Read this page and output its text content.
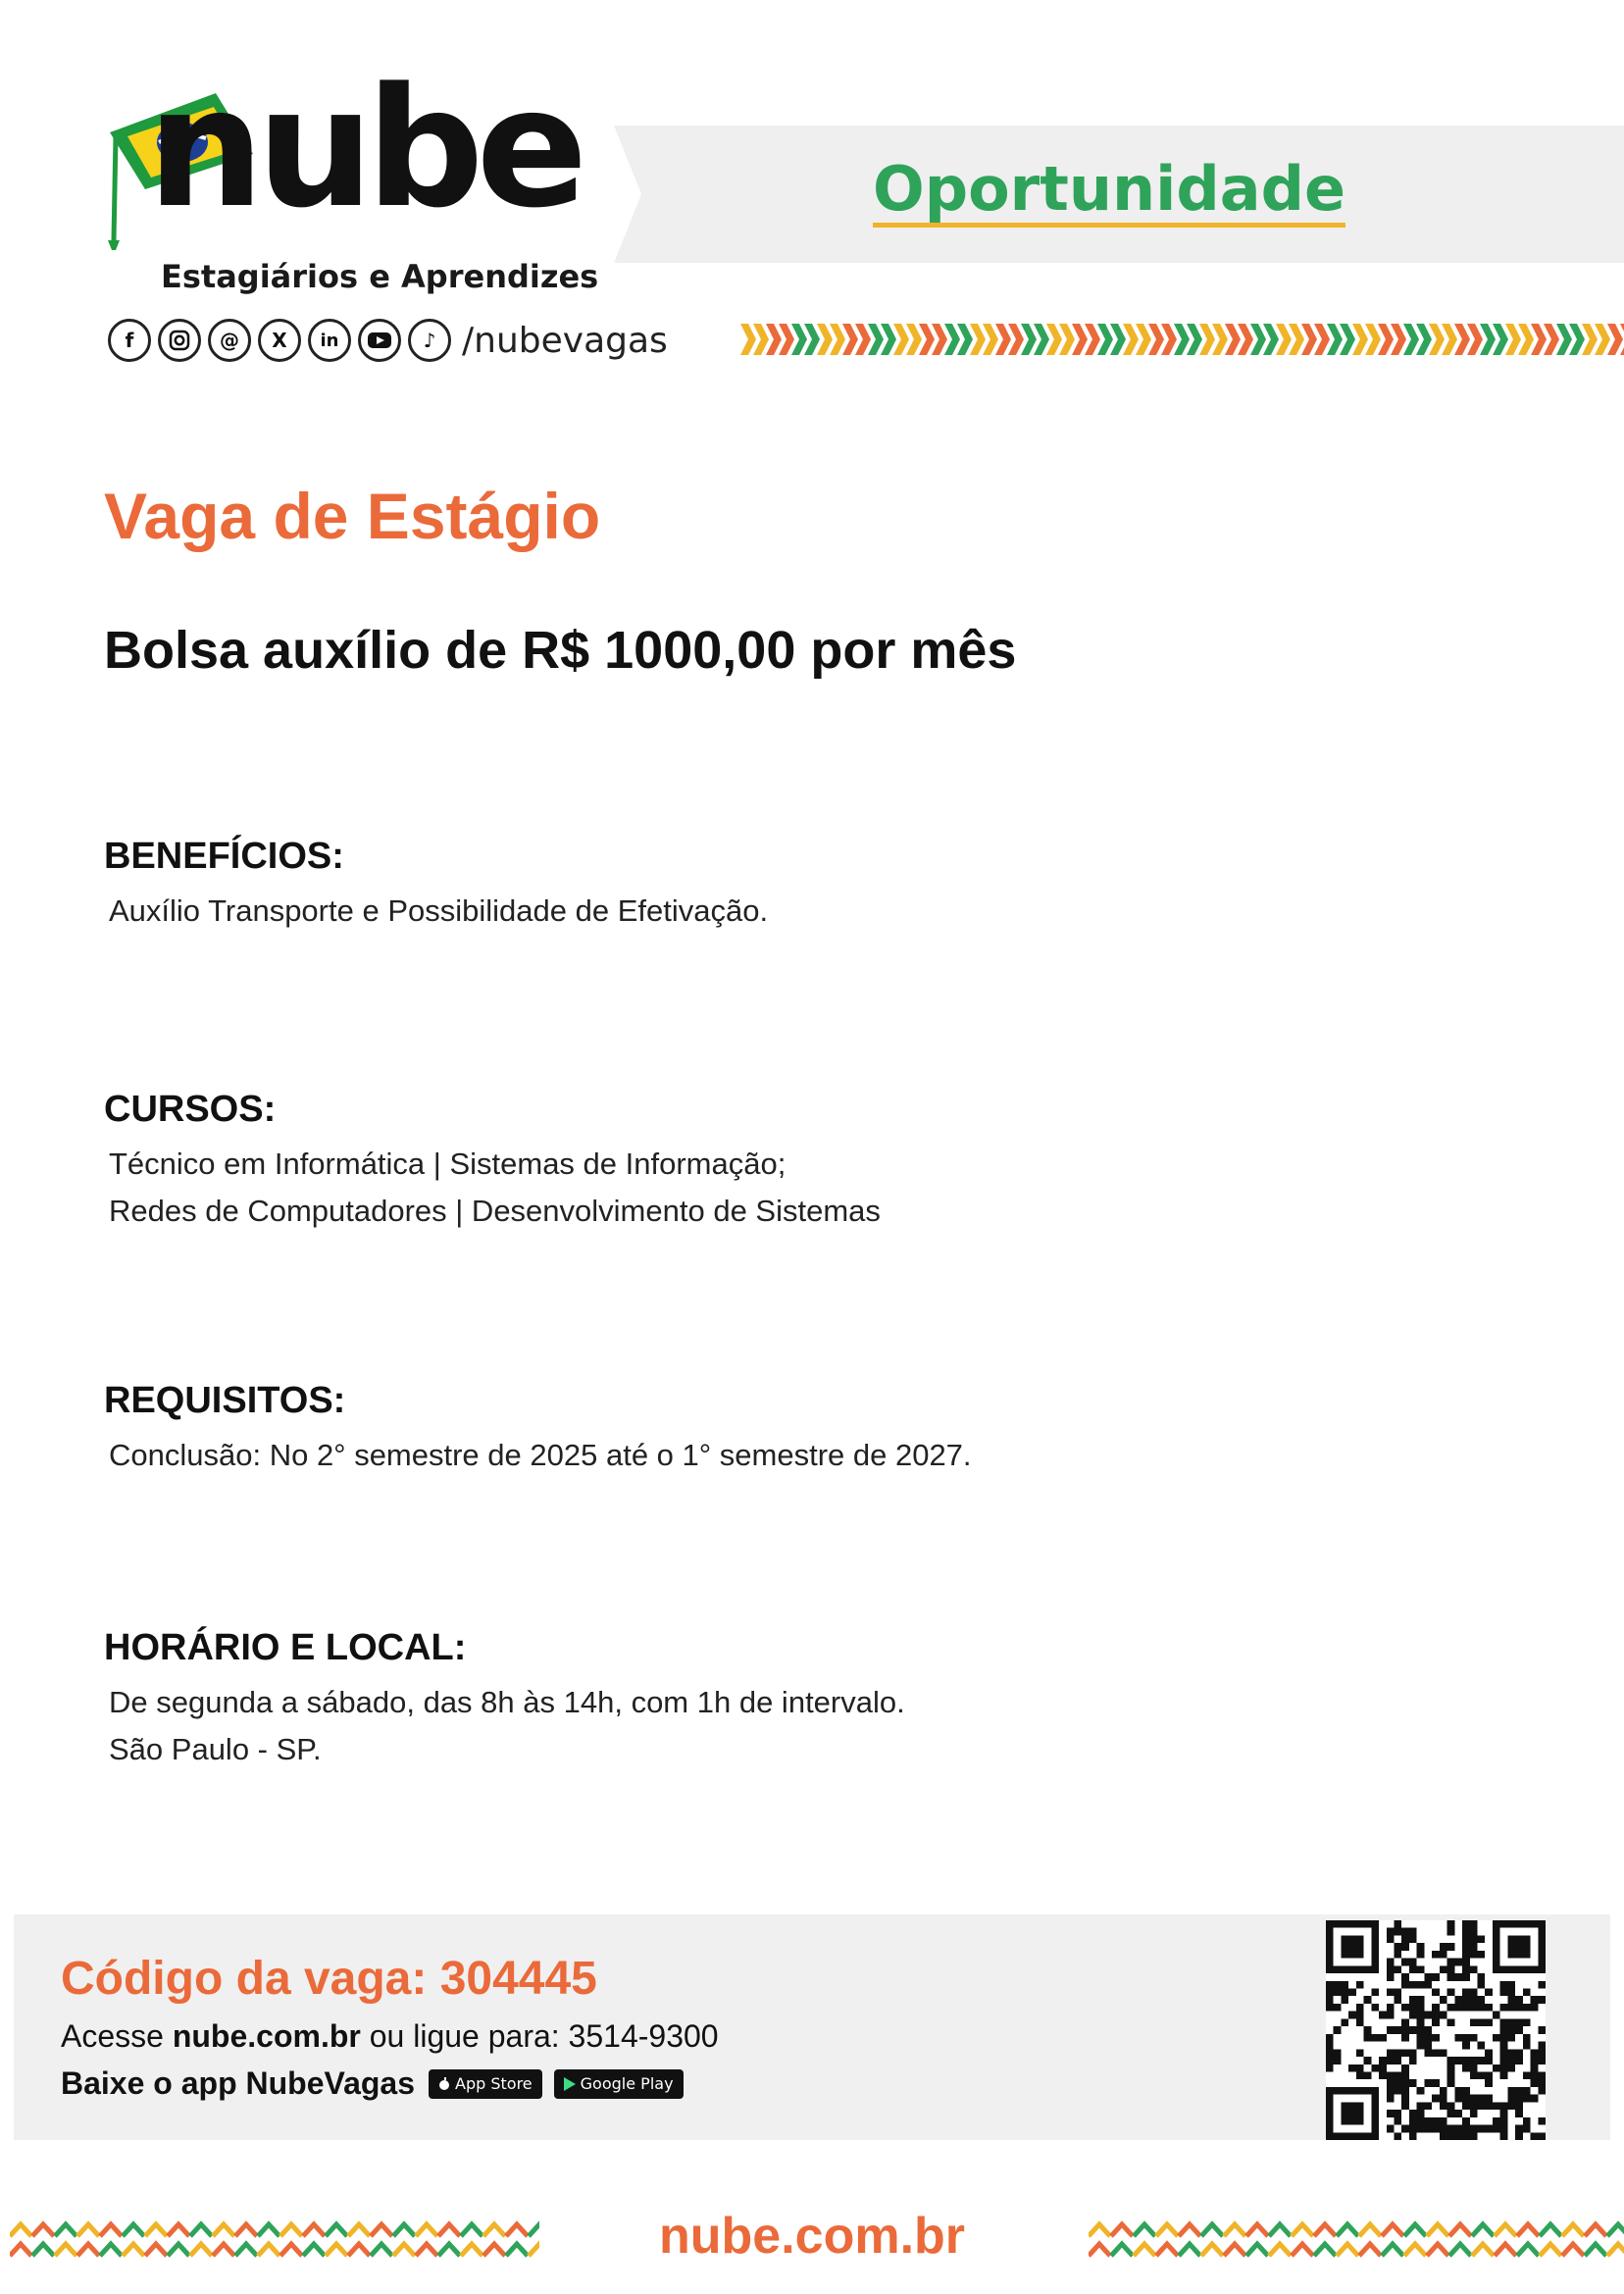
nube
Estagiários e Aprendizes
f	@	X	in	♪ /nubevagas
Oportunidade
Vaga de Estágio
Bolsa auxílio de R$ 1000,00 por mês
BENEFÍCIOS:
Auxílio Transporte e Possibilidade de Efetivação.
CURSOS:
Técnico em Informática | Sistemas de Informação;
Redes de Computadores | Desenvolvimento de Sistemas
REQUISITOS:
Conclusão: No 2° semestre de 2025 até o 1° semestre de 2027.
HORÁRIO E LOCAL:
De segunda a sábado, das 8h às 14h, com 1h de intervalo.
São Paulo - SP.
Código da vaga: 304445
Acesse nube.com.br ou ligue para: 3514-9300
Baixe o app NubeVagas	App Store	Google Play
nube.com.br
